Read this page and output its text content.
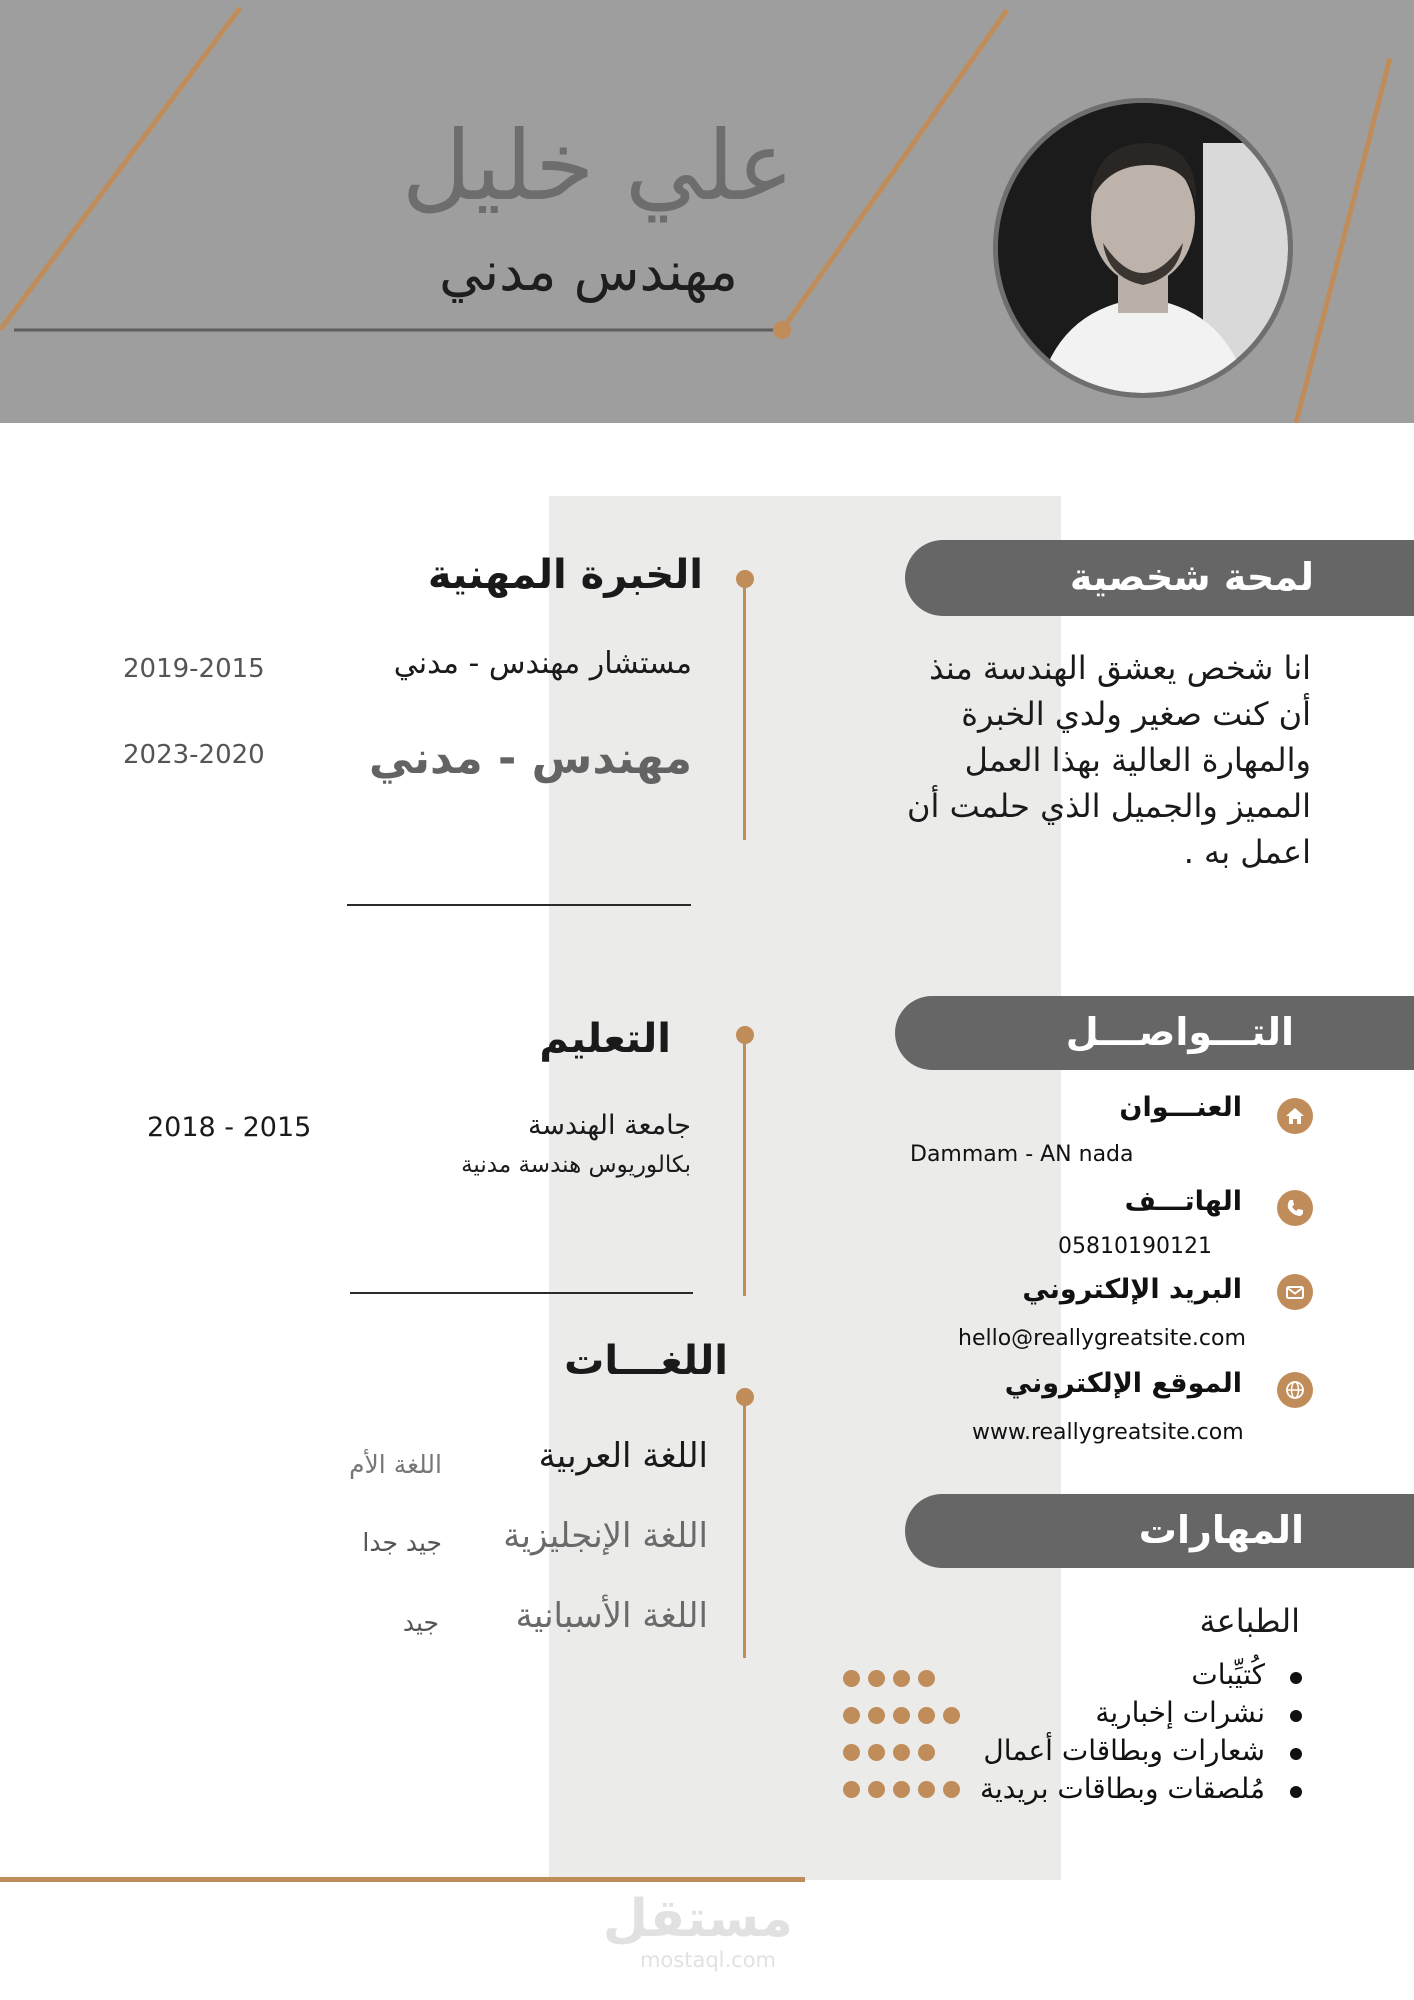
علي خليل
مهندس مدني
الخبرة المهنية
مستشار مهندس - مدني
2019-2015
مهندس - مدني
2023-2020
التعليم
جامعة الهندسة
بكالوريوس هندسة مدنية
2018 - 2015
اللغـــات
اللغة العربية
اللغة الأم
اللغة الإنجليزية
جيد جدا
اللغة الأسبانية
جيد
لمحة شخصية
انا شخص يعشق الهندسة منذ
أن كنت صغير ولدي الخبرة
والمهارة العالية بهذا العمل
المميز والجميل الذي حلمت أن
اعمل به .
التـــواصـــل
العنـــوان
Dammam - AN nada
الهاتـــف
05810190121
البريد الإلكتروني
hello@reallygreatsite.com
الموقع الإلكتروني
www.reallygreatsite.com
المهارات
الطباعة
كُتيِّبات
نشرات إخبارية
شعارات وبطاقات أعمال
مُلصقات وبطاقات بريدية
مستقل
mostaql.com
